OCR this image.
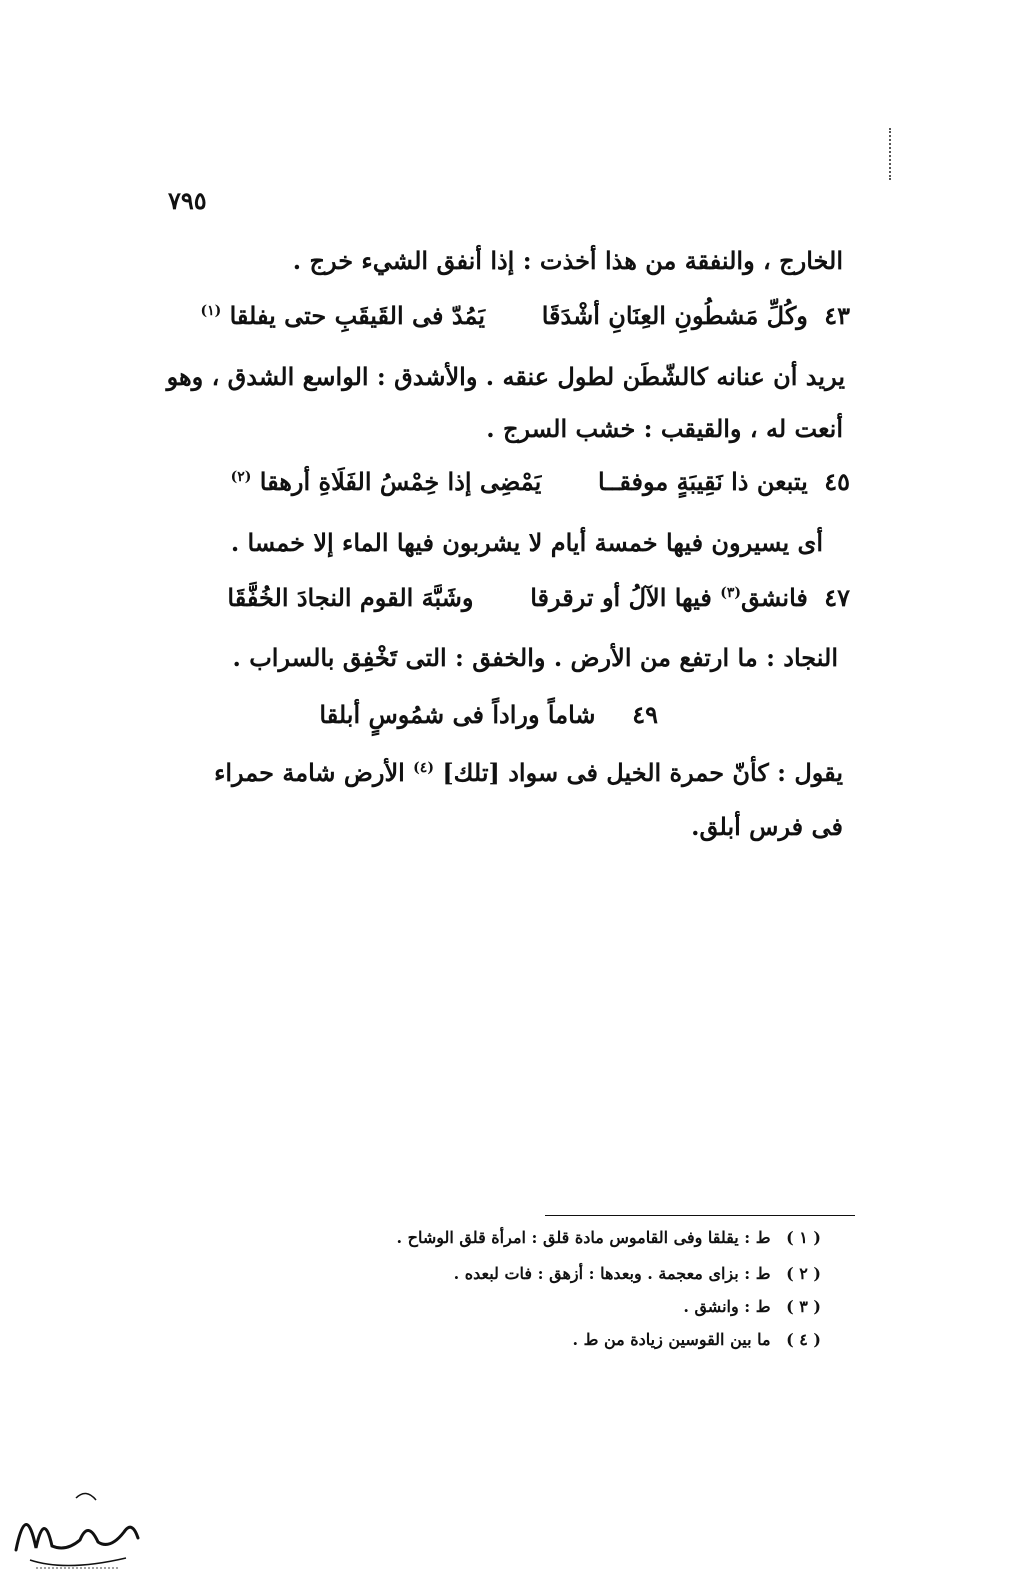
٧٩٥
الخارج ، والنفقة من هذا أخذت : إذا أنفق الشيء خرج .
٤٣ وكُلِّ مَشطُونِ العِنَانِ أشْدَقَا  يَمُدّ فى القَيقَبِ حتى يفلقا $^{(١)}$
يريد أن عنانه كالشّطَن لطول عنقه . والأشدق : الواسع الشدق ، وهو
أنعت له ، والقيقب : خشب السرج .
٤٥ يتبعن ذا نَقِيبَةٍ موفقــا  يَمْضِى إذا خِمْسُ الفَلَاةِ أرهقا $^{(٢)}$
أى يسيرون فيها خمسة أيام لا يشربون فيها الماء إلا خمسا .
٤٧ فانشق$^{(٣)}$ فيها الآلُ أو ترقرقا  وشَبَّهَ القوم النجادَ الخُفَّقَا
النجاد : ما ارتفع من الأرض . والخفق : التى تَخْفِق بالسراب .
٤٩  شاماً وراداً فى شمُوسٍ أبلقا
يقول : كأنّ حمرة الخيل فى سواد [تلك] $^{(٤)}$ الأرض شامة حمراء
فى فرس أبلق.
( ١ ) ط : يقلقا وفى القاموس مادة قلق : امرأة قلق الوشاح .
( ٢ ) ط : بزاى معجمة . وبعدها : أزهق : فات لبعده .
( ٣ ) ط : وانشق .
( ٤ ) ما بين القوسين زيادة من ط .
